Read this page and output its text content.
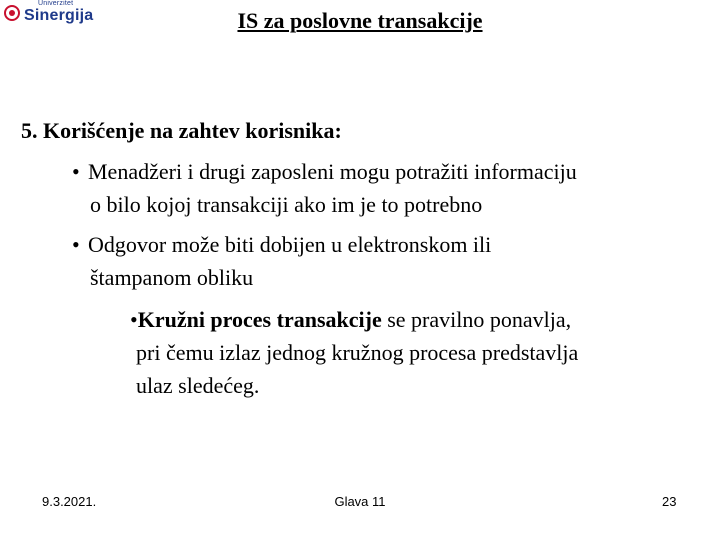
Univerzitet
Sinergija	IS za poslovne transakcije
5. Korišćenje na zahtev korisnika:
• Menadžeri i drugi zaposleni mogu potražiti informaciju
o bilo kojoj transakciji ako im je to potrebno
• Odgovor može biti dobijen u elektronskom ili
štampanom obliku
•Kružni proces transakcije se pravilno ponavlja,
pri čemu izlaz jednog kružnog procesa predstavlja
ulaz sledećeg.
9.3.2021.	Glava 11	23
